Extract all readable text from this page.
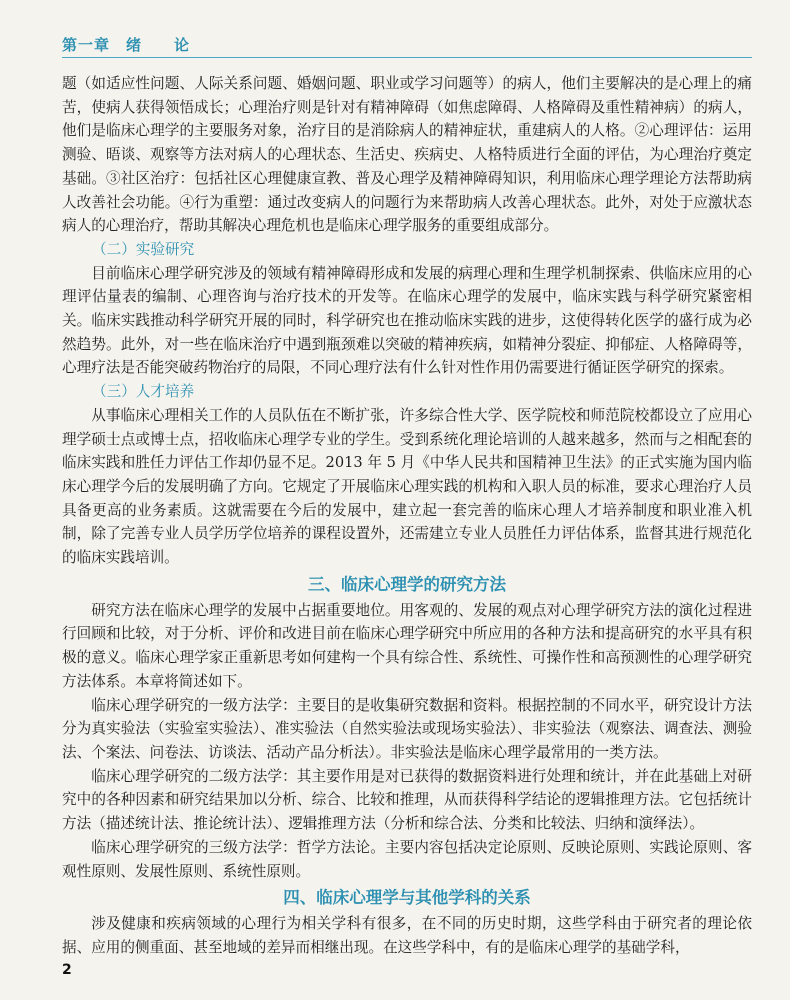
第一章　绪　　论

题（如适应性问题、人际关系问题、婚姻问题、职业或学习问题等）的病人，他们主要解决的是心理上的痛苦，使病人获得领悟成长；心理治疗则是针对有精神障碍（如焦虑障碍、人格障碍及重性精神病）的病人，他们是临床心理学的主要服务对象，治疗目的是消除病人的精神症状，重建病人的人格。②心理评估：运用测验、晤谈、观察等方法对病人的心理状态、生活史、疾病史、人格特质进行全面的评估，为心理治疗奠定基础。③社区治疗：包括社区心理健康宣教、普及心理学及精神障碍知识，利用临床心理学理论方法帮助病人改善社会功能。④行为重塑：通过改变病人的问题行为来帮助病人改善心理状态。此外，对处于应激状态病人的心理治疗，帮助其解决心理危机也是临床心理学服务的重要组成部分。

（二）实验研究

目前临床心理学研究涉及的领域有精神障碍形成和发展的病理心理和生理学机制探索、供临床应用的心理评估量表的编制、心理咨询与治疗技术的开发等。在临床心理学的发展中，临床实践与科学研究紧密相关。临床实践推动科学研究开展的同时，科学研究也在推动临床实践的进步，这使得转化医学的盛行成为必然趋势。此外，对一些在临床治疗中遇到瓶颈难以突破的精神疾病，如精神分裂症、抑郁症、人格障碍等，心理疗法是否能突破药物治疗的局限，不同心理疗法有什么针对性作用仍需要进行循证医学研究的探索。

（三）人才培养

从事临床心理相关工作的人员队伍在不断扩张，许多综合性大学、医学院校和师范院校都设立了应用心理学硕士点或博士点，招收临床心理学专业的学生。受到系统化理论培训的人越来越多，然而与之相配套的临床实践和胜任力评估工作却仍显不足。2013 年 5 月《中华人民共和国精神卫生法》的正式实施为国内临床心理学今后的发展明确了方向。它规定了开展临床心理实践的机构和入职人员的标准，要求心理治疗人员具备更高的业务素质。这就需要在今后的发展中，建立起一套完善的临床心理人才培养制度和职业准入机制，除了完善专业人员学历学位培养的课程设置外，还需建立专业人员胜任力评估体系，监督其进行规范化的临床实践培训。

三、临床心理学的研究方法

研究方法在临床心理学的发展中占据重要地位。用客观的、发展的观点对心理学研究方法的演化过程进行回顾和比较，对于分析、评价和改进目前在临床心理学研究中所应用的各种方法和提高研究的水平具有积极的意义。临床心理学家正重新思考如何建构一个具有综合性、系统性、可操作性和高预测性的心理学研究方法体系。本章将简述如下。

临床心理学研究的一级方法学：主要目的是收集研究数据和资料。根据控制的不同水平，研究设计方法分为真实验法（实验室实验法）、准实验法（自然实验法或现场实验法）、非实验法（观察法、调查法、测验法、个案法、问卷法、访谈法、活动产品分析法）。非实验法是临床心理学最常用的一类方法。

临床心理学研究的二级方法学：其主要作用是对已获得的数据资料进行处理和统计，并在此基础上对研究中的各种因素和研究结果加以分析、综合、比较和推理，从而获得科学结论的逻辑推理方法。它包括统计方法（描述统计法、推论统计法）、逻辑推理方法（分析和综合法、分类和比较法、归纳和演绎法）。

临床心理学研究的三级方法学：哲学方法论。主要内容包括决定论原则、反映论原则、实践论原则、客观性原则、发展性原则、系统性原则。

四、临床心理学与其他学科的关系

涉及健康和疾病领域的心理行为相关学科有很多，在不同的历史时期，这些学科由于研究者的理论依据、应用的侧重面、甚至地域的差异而相继出现。在这些学科中，有的是临床心理学的基础学科，

2
